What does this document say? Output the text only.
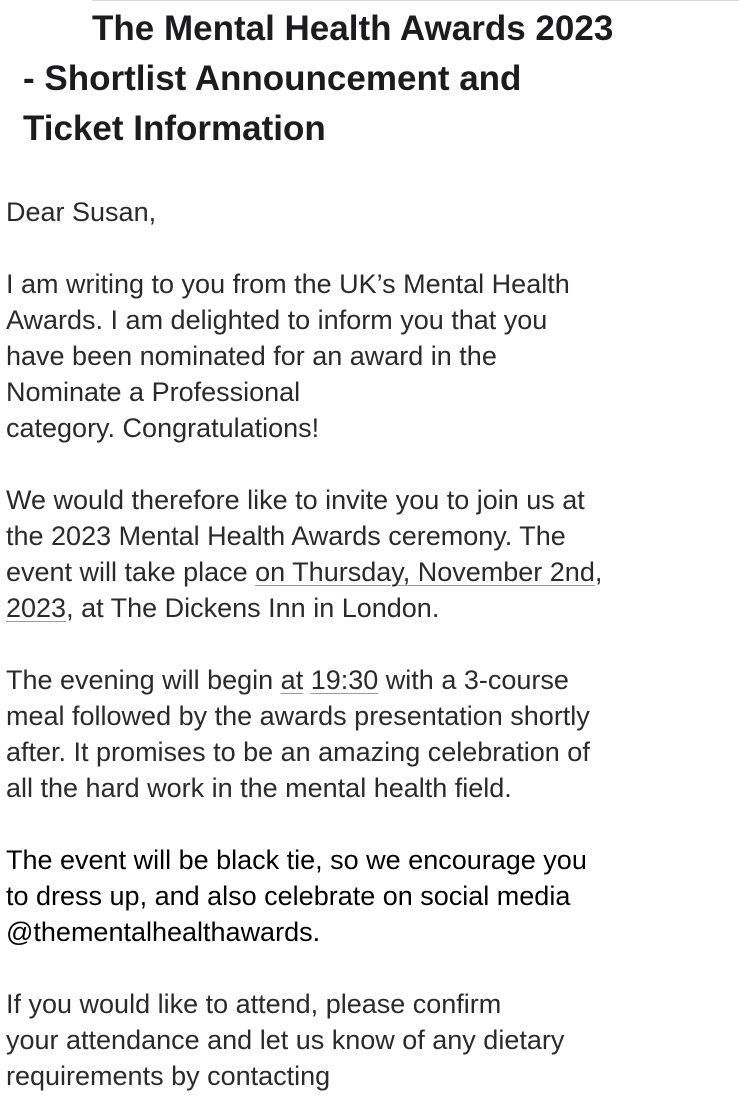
The Mental Health Awards 2023
- Shortlist Announcement and
Ticket Information
Dear Susan,
I am writing to you from the UK’s Mental Health
Awards. I am delighted to inform you that you
have been nominated for an award in the
Nominate a Professional
category. Congratulations!
We would therefore like to invite you to join us at
the 2023 Mental Health Awards ceremony. The
event will take place on Thursday, November 2nd,
2023, at The Dickens Inn in London.
The evening will begin at 19:30 with a 3-course
meal followed by the awards presentation shortly
after. It promises to be an amazing celebration of
all the hard work in the mental health field.
The event will be black tie, so we encourage you
to dress up, and also celebrate on social media
@thementalhealthawards.
If you would like to attend, please confirm
your attendance and let us know of any dietary
requirements by contacting
